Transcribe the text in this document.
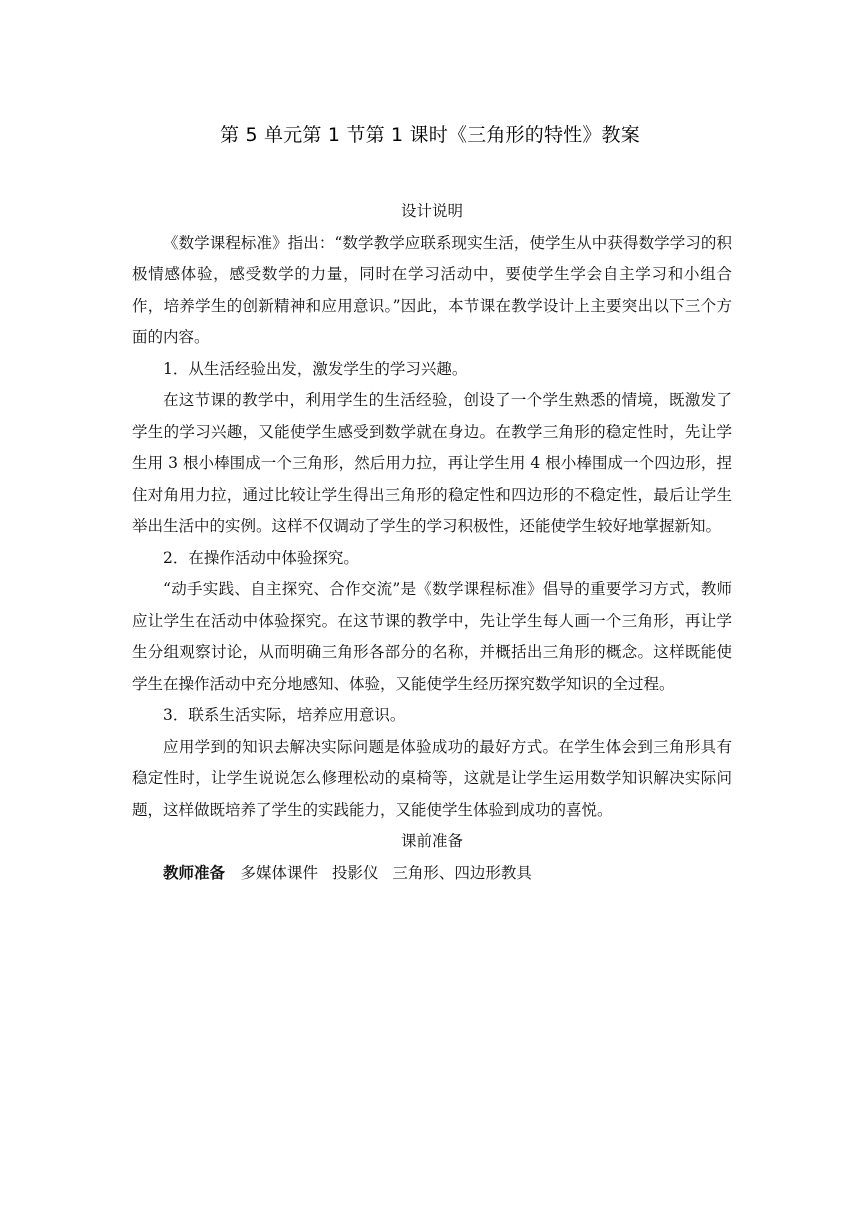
第 5 单元第 1 节第 1 课时《三角形的特性》教案

设计说明

《数学课程标准》指出：“数学教学应联系现实生活，使学生从中获得数学学习的积极情感体验，感受数学的力量，同时在学习活动中，要使学生学会自主学习和小组合作，培养学生的创新精神和应用意识。”因此，本节课在教学设计上主要突出以下三个方面的内容。

1．从生活经验出发，激发学生的学习兴趣。

在这节课的教学中，利用学生的生活经验，创设了一个学生熟悉的情境，既激发了学生的学习兴趣，又能使学生感受到数学就在身边。在教学三角形的稳定性时，先让学生用 3 根小棒围成一个三角形，然后用力拉，再让学生用 4 根小棒围成一个四边形，捏住对角用力拉，通过比较让学生得出三角形的稳定性和四边形的不稳定性，最后让学生举出生活中的实例。这样不仅调动了学生的学习积极性，还能使学生较好地掌握新知。

2．在操作活动中体验探究。

“动手实践、自主探究、合作交流”是《数学课程标准》倡导的重要学习方式，教师应让学生在活动中体验探究。在这节课的教学中，先让学生每人画一个三角形，再让学生分组观察讨论，从而明确三角形各部分的名称，并概括出三角形的概念。这样既能使学生在操作活动中充分地感知、体验，又能使学生经历探究数学知识的全过程。

3．联系生活实际，培养应用意识。

应用学到的知识去解决实际问题是体验成功的最好方式。在学生体会到三角形具有稳定性时，让学生说说怎么修理松动的桌椅等，这就是让学生运用数学知识解决实际问题，这样做既培养了学生的实践能力，又能使学生体验到成功的喜悦。

课前准备

教师准备 多媒体课件 投影仪 三角形、四边形教具
